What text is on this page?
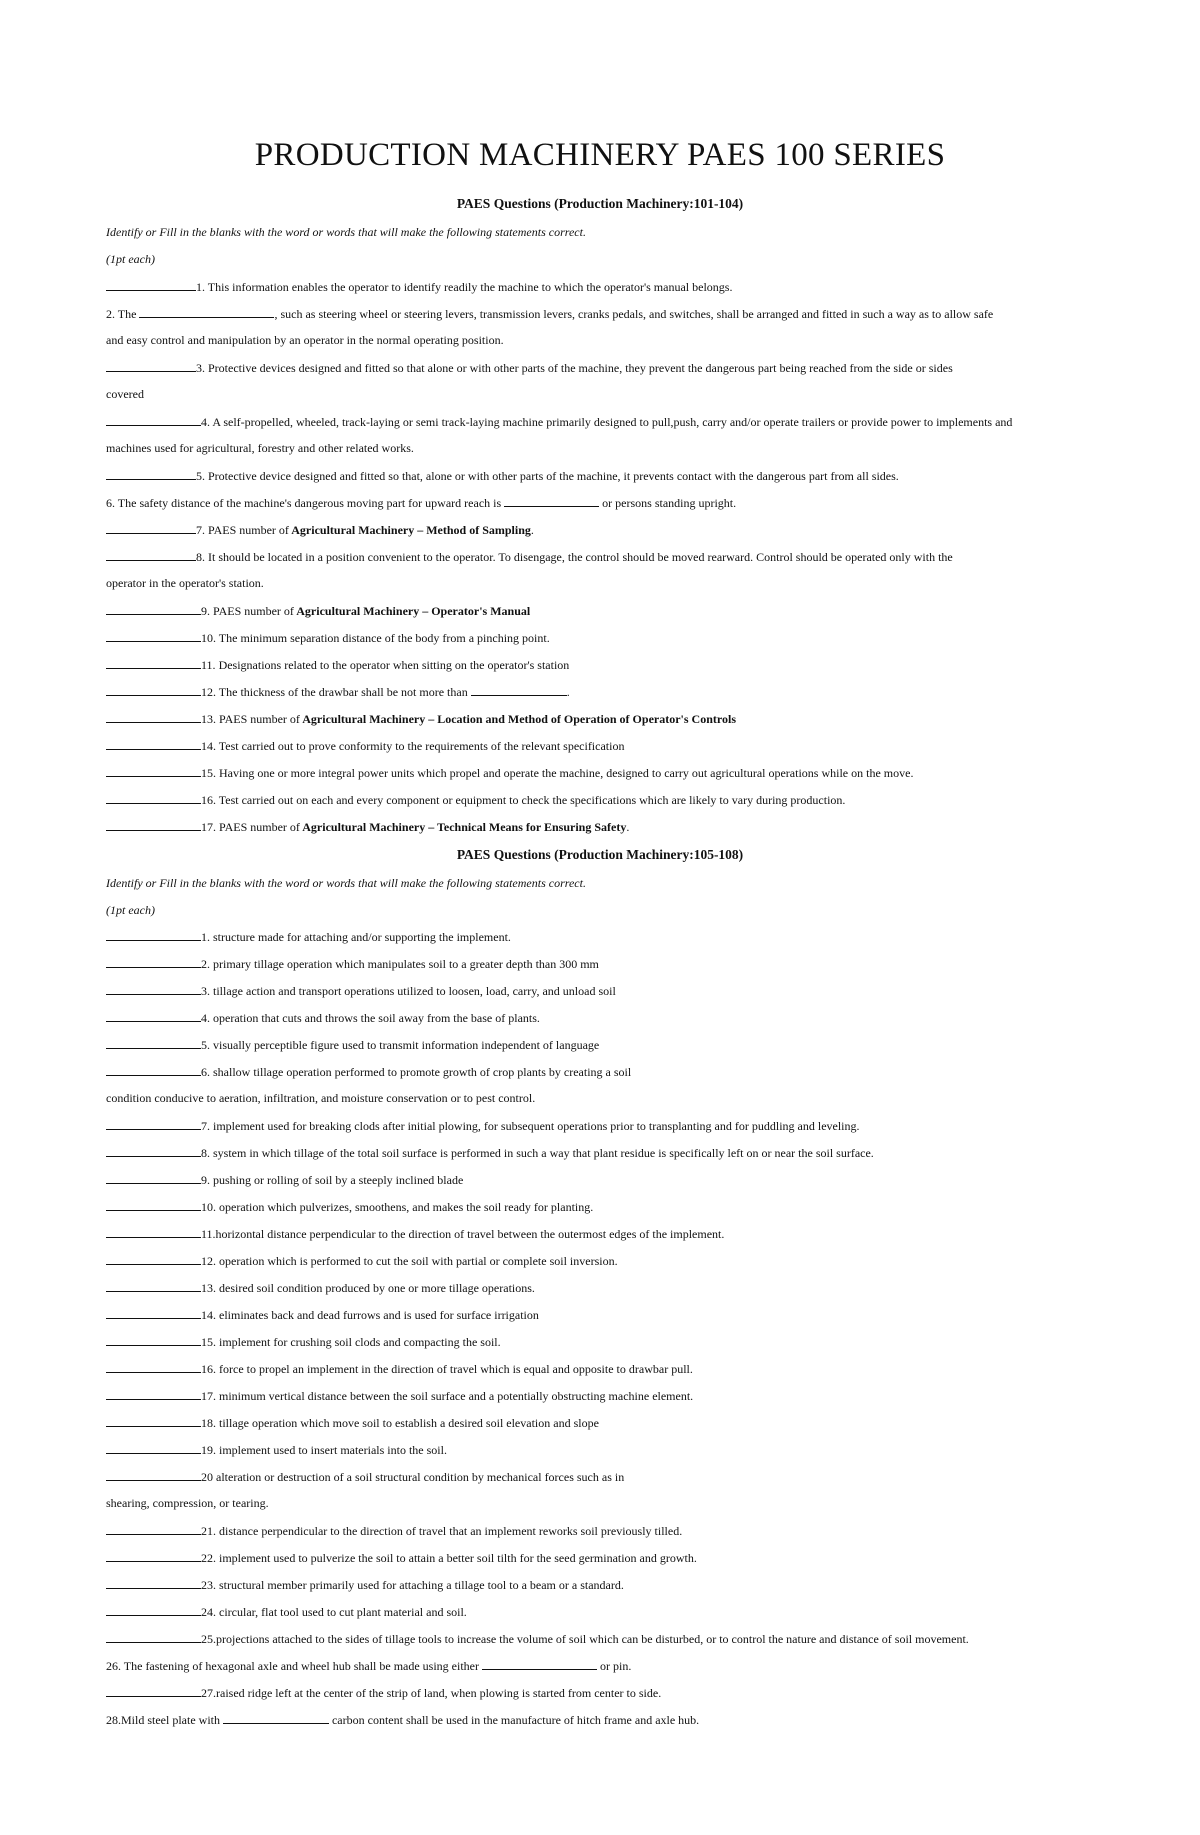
PRODUCTION MACHINERY PAES 100 SERIES
PAES Questions (Production Machinery:101-104)
Identify or Fill in the blanks with the word or words that will make the following statements correct.
(1pt each)
1. This information enables the operator to identify readily the machine to which the operator's manual belongs.
2. The	, such as steering wheel or steering levers, transmission levers, cranks pedals, and switches, shall be arranged and fitted in such a way as to allow safe
and easy control and manipulation by an operator in the normal operating position.
3. Protective devices designed and fitted so that alone or with other parts of the machine, they prevent the dangerous part being reached from the side or sides
covered
4. A self-propelled, wheeled, track-laying or semi track-laying machine primarily designed to pull,push, carry and/or operate trailers or provide power to implements and
machines used for agricultural, forestry and other related works.
5. Protective device designed and fitted so that, alone or with other parts of the machine, it prevents contact with the dangerous part from all sides.
6. The safety distance of the machine's dangerous moving part for upward reach is	or persons standing upright.
7. PAES number of Agricultural Machinery – Method of Sampling.
8. It should be located in a position convenient to the operator. To disengage, the control should be moved rearward. Control should be operated only with the
operator in the operator's station.
9. PAES number of Agricultural Machinery – Operator's Manual
10. The minimum separation distance of the body from a pinching point.
11. Designations related to the operator when sitting on the operator's station
12. The thickness of the drawbar shall be not more than	.
13. PAES number of Agricultural Machinery – Location and Method of Operation of Operator's Controls
14. Test carried out to prove conformity to the requirements of the relevant specification
15. Having one or more integral power units which propel and operate the machine, designed to carry out agricultural operations while on the move.
16. Test carried out on each and every component or equipment to check the specifications which are likely to vary during production.
17. PAES number of Agricultural Machinery – Technical Means for Ensuring Safety.
PAES Questions (Production Machinery:105-108)
Identify or Fill in the blanks with the word or words that will make the following statements correct.
(1pt each)
1. structure made for attaching and/or supporting the implement.
2. primary tillage operation which manipulates soil to a greater depth than 300 mm
3. tillage action and transport operations utilized to loosen, load, carry, and unload soil
4. operation that cuts and throws the soil away from the base of plants.
5. visually perceptible figure used to transmit information independent of language
6. shallow tillage operation performed to promote growth of crop plants by creating a soil
condition conducive to aeration, infiltration, and moisture conservation or to pest control.
7. implement used for breaking clods after initial plowing, for subsequent operations prior to transplanting and for puddling and leveling.
8. system in which tillage of the total soil surface is performed in such a way that plant residue is specifically left on or near the soil surface.
9. pushing or rolling of soil by a steeply inclined blade
10. operation which pulverizes, smoothens, and makes the soil ready for planting.
11.horizontal distance perpendicular to the direction of travel between the outermost edges of the implement.
12. operation which is performed to cut the soil with partial or complete soil inversion.
13. desired soil condition produced by one or more tillage operations.
14. eliminates back and dead furrows and is used for surface irrigation
15. implement for crushing soil clods and compacting the soil.
16. force to propel an implement in the direction of travel which is equal and opposite to drawbar pull.
17. minimum vertical distance between the soil surface and a potentially obstructing machine element.
18. tillage operation which move soil to establish a desired soil elevation and slope
19. implement used to insert materials into the soil.
20 alteration or destruction of a soil structural condition by mechanical forces such as in
shearing, compression, or tearing.
21. distance perpendicular to the direction of travel that an implement reworks soil previously tilled.
22. implement used to pulverize the soil to attain a better soil tilth for the seed germination and growth.
23. structural member primarily used for attaching a tillage tool to a beam or a standard.
24. circular, flat tool used to cut plant material and soil.
25.projections attached to the sides of tillage tools to increase the volume of soil which can be disturbed, or to control the nature and distance of soil movement.
26. The fastening of hexagonal axle and wheel hub shall be made using either	or pin.
27.raised ridge left at the center of the strip of land, when plowing is started from center to side.
28.Mild steel plate with	carbon content shall be used in the manufacture of hitch frame and axle hub.
